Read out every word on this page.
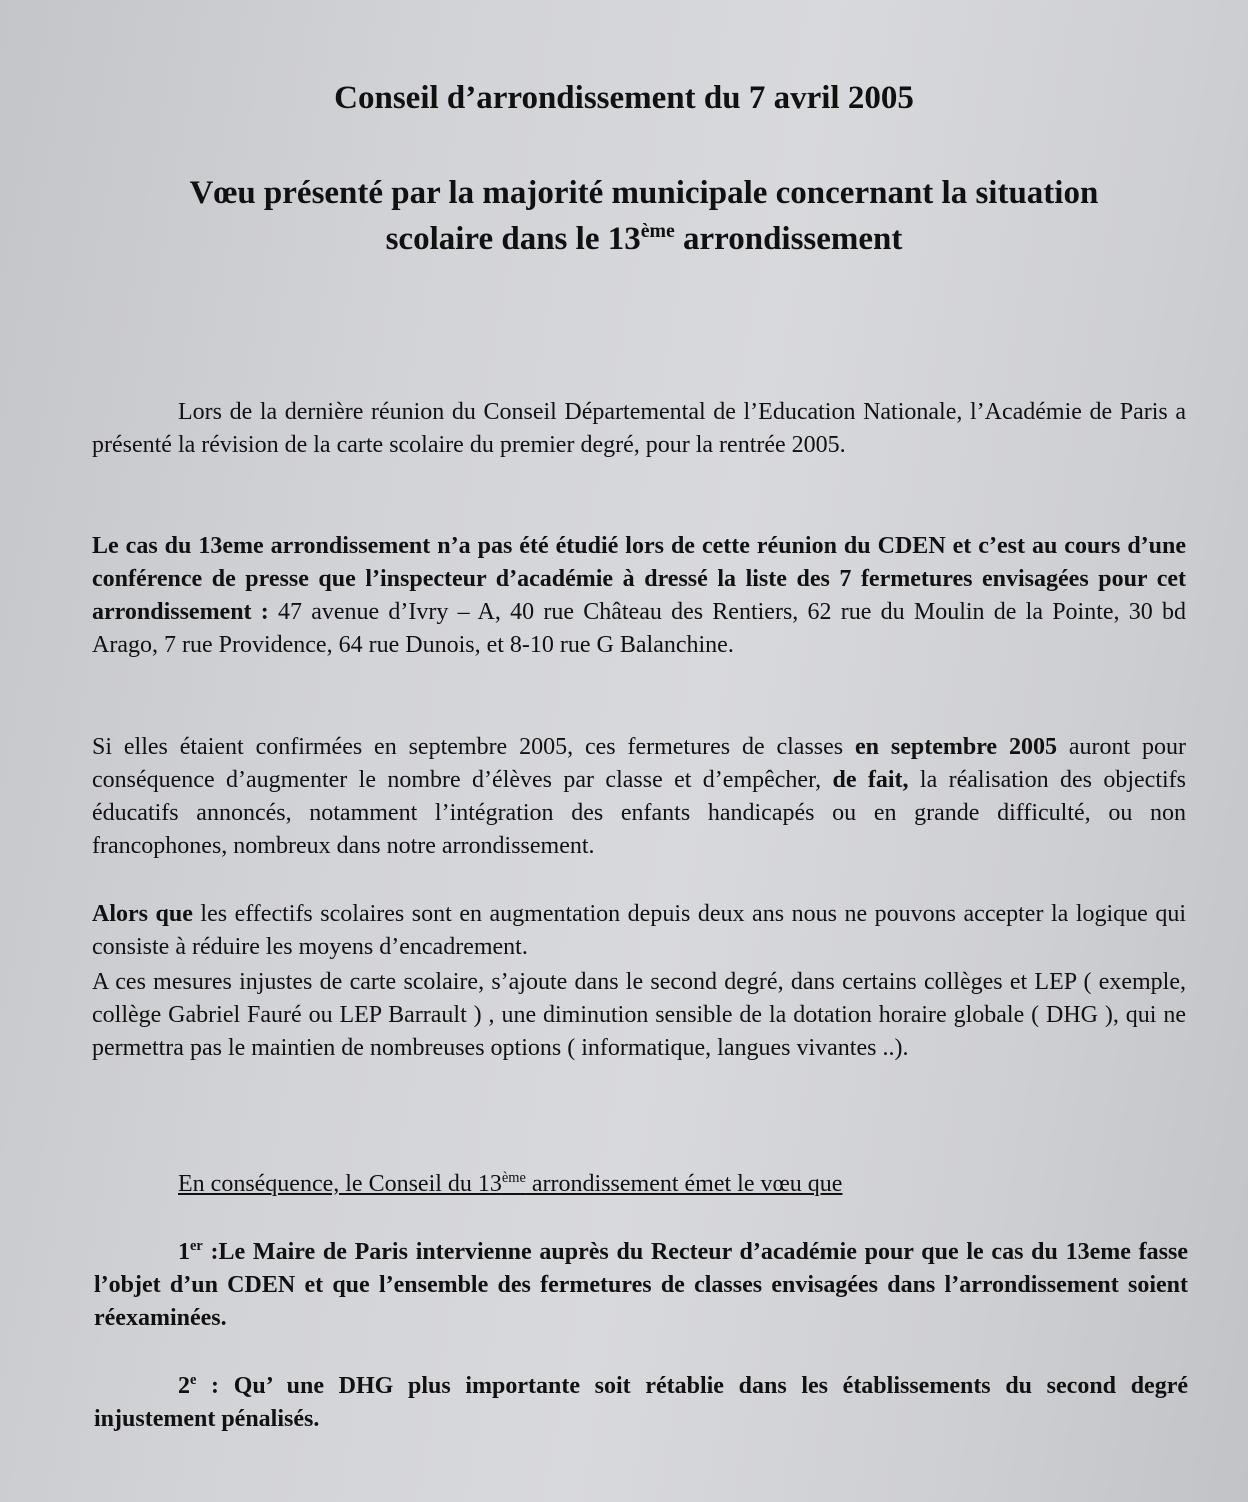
Conseil d’arrondissement du 7 avril 2005
Vœu présenté par la majorité municipale concernant la situation
scolaire dans le 13ème arrondissement
Lors de la dernière réunion du Conseil Départemental de l’Education Nationale, l’Académie de Paris a présenté la révision de la carte scolaire du premier degré, pour la rentrée 2005.
Le cas du 13eme arrondissement n’a pas été étudié lors de cette réunion du CDEN et c’est au cours d’une conférence de presse que l’inspecteur d’académie à dressé la liste des 7 fermetures envisagées pour cet arrondissement : 47 avenue d’Ivry – A, 40 rue Château des Rentiers, 62 rue du Moulin de la Pointe, 30 bd Arago, 7 rue Providence, 64 rue Dunois, et 8-10 rue G Balanchine.
Si elles étaient confirmées en septembre 2005, ces fermetures de classes en septembre 2005 auront pour conséquence d’augmenter le nombre d’élèves par classe et d’empêcher, de fait, la réalisation des objectifs éducatifs annoncés, notamment l’intégration des enfants handicapés ou en grande difficulté, ou non francophones, nombreux dans notre arrondissement.
Alors que les effectifs scolaires sont en augmentation depuis deux ans nous ne pouvons accepter la logique qui consiste à réduire les moyens d’encadrement.
A ces mesures injustes de carte scolaire, s’ajoute dans le second degré, dans certains collèges et LEP ( exemple, collège Gabriel Fauré ou LEP Barrault ) , une diminution sensible de la dotation horaire globale ( DHG ), qui ne permettra pas le maintien de nombreuses options ( informatique, langues vivantes ..).
En conséquence, le Conseil du 13ème arrondissement émet le vœu que
1er :Le Maire de Paris intervienne auprès du Recteur d’académie pour que le cas du 13eme fasse l’objet d’un CDEN et que l’ensemble des fermetures de classes envisagées dans l’arrondissement soient réexaminées.
2e : Qu’ une DHG plus importante soit rétablie dans les établissements du second degré injustement pénalisés.
